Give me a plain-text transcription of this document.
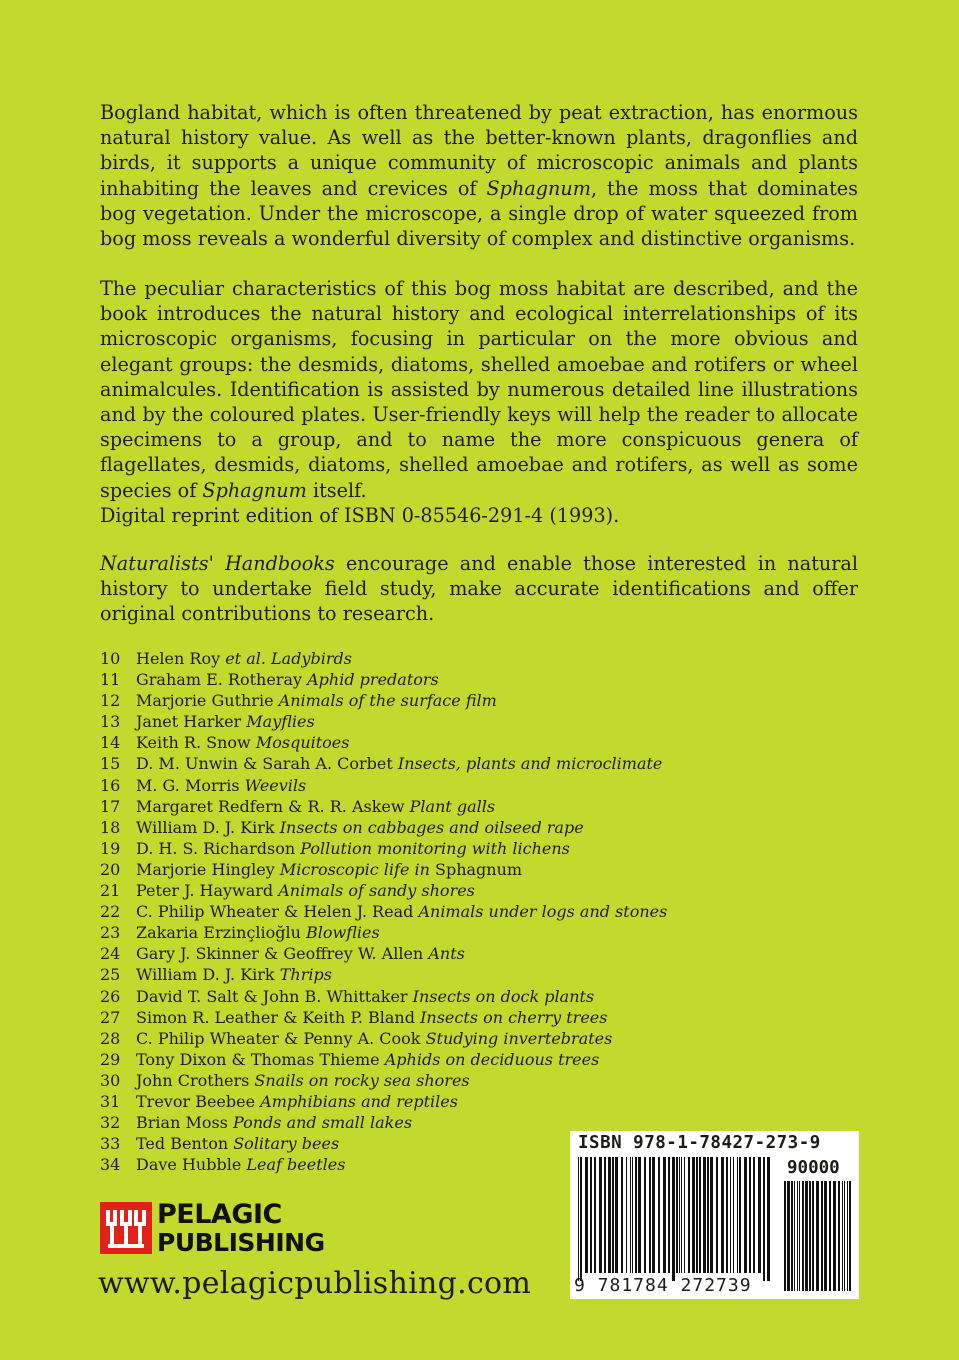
Bogland habitat, which is often threatened by peat extraction, has enormous natural history value. As well as the better-known plants, dragonflies and birds, it supports a unique community of microscopic animals and plants inhabiting the leaves and crevices of Sphagnum, the moss that dominates bog vegetation. Under the microscope, a single drop of water squeezed from bog moss reveals a wonderful diversity of complex and distinctive organisms.

The peculiar characteristics of this bog moss habitat are described, and the book introduces the natural history and ecological interrelationships of its microscopic organisms, focusing in particular on the more obvious and elegant groups: the desmids, diatoms, shelled amoebae and rotifers or wheel animalcules. Identification is assisted by numerous detailed line illustrations and by the coloured plates. User-friendly keys will help the reader to allocate specimens to a group, and to name the more conspicuous genera of flagellates, desmids, diatoms, shelled amoebae and rotifers, as well as some species of Sphagnum itself.

Digital reprint edition of ISBN 0-85546-291-4 (1993).

Naturalists' Handbooks encourage and enable those interested in natural history to undertake field study, make accurate identifications and offer original contributions to research.

10 Helen Roy et al. Ladybirds
11 Graham E. Rotheray Aphid predators
12 Marjorie Guthrie Animals of the surface film
13 Janet Harker Mayflies
14 Keith R. Snow Mosquitoes
15 D. M. Unwin & Sarah A. Corbet Insects, plants and microclimate
16 M. G. Morris Weevils
17 Margaret Redfern & R. R. Askew Plant galls
18 William D. J. Kirk Insects on cabbages and oilseed rape
19 D. H. S. Richardson Pollution monitoring with lichens
20 Marjorie Hingley Microscopic life in Sphagnum
21 Peter J. Hayward Animals of sandy shores
22 C. Philip Wheater & Helen J. Read Animals under logs and stones
23 Zakaria Erzinçlioğlu Blowflies
24 Gary J. Skinner & Geoffrey W. Allen Ants
25 William D. J. Kirk Thrips
26 David T. Salt & John B. Whittaker Insects on dock plants
27 Simon R. Leather & Keith P. Bland Insects on cherry trees
28 C. Philip Wheater & Penny A. Cook Studying invertebrates
29 Tony Dixon & Thomas Thieme Aphids on deciduous trees
30 John Crothers Snails on rocky sea shores
31 Trevor Beebee Amphibians and reptiles
32 Brian Moss Ponds and small lakes
33 Ted Benton Solitary bees
34 Dave Hubble Leaf beetles
ISBN 978-1-78427-273-9
90000
9 781784 272739
PELAGIC
PUBLISHING
www.pelagicpublishing.com
